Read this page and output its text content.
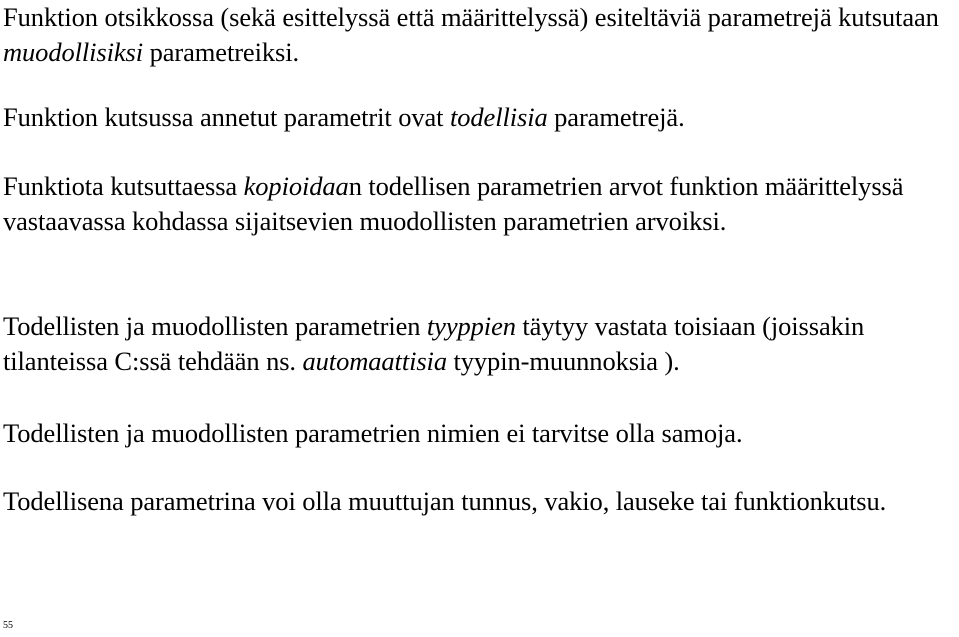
Funktion otsikkossa (sekä esittelyssä että määrittelyssä) esiteltäviä parametrejä kutsutaan muodollisiksi parametreiksi.

Funktion kutsussa annetut parametrit ovat todellisia parametrejä.

Funktiota kutsuttaessa kopioidaan todellisen parametrien arvot funktion määrittelyssä vastaavassa kohdassa sijaitsevien muodollisten parametrien arvoiksi.

Todellisten ja muodollisten parametrien tyyppien täytyy vastata toisiaan (joissakin tilanteissa C:ssä tehdään ns. automaattisia tyypin-muunnoksia ).

Todellisten ja muodollisten parametrien nimien ei tarvitse olla samoja.

Todellisena parametrina voi olla muuttujan tunnus, vakio, lauseke tai funktionkutsu.

55
